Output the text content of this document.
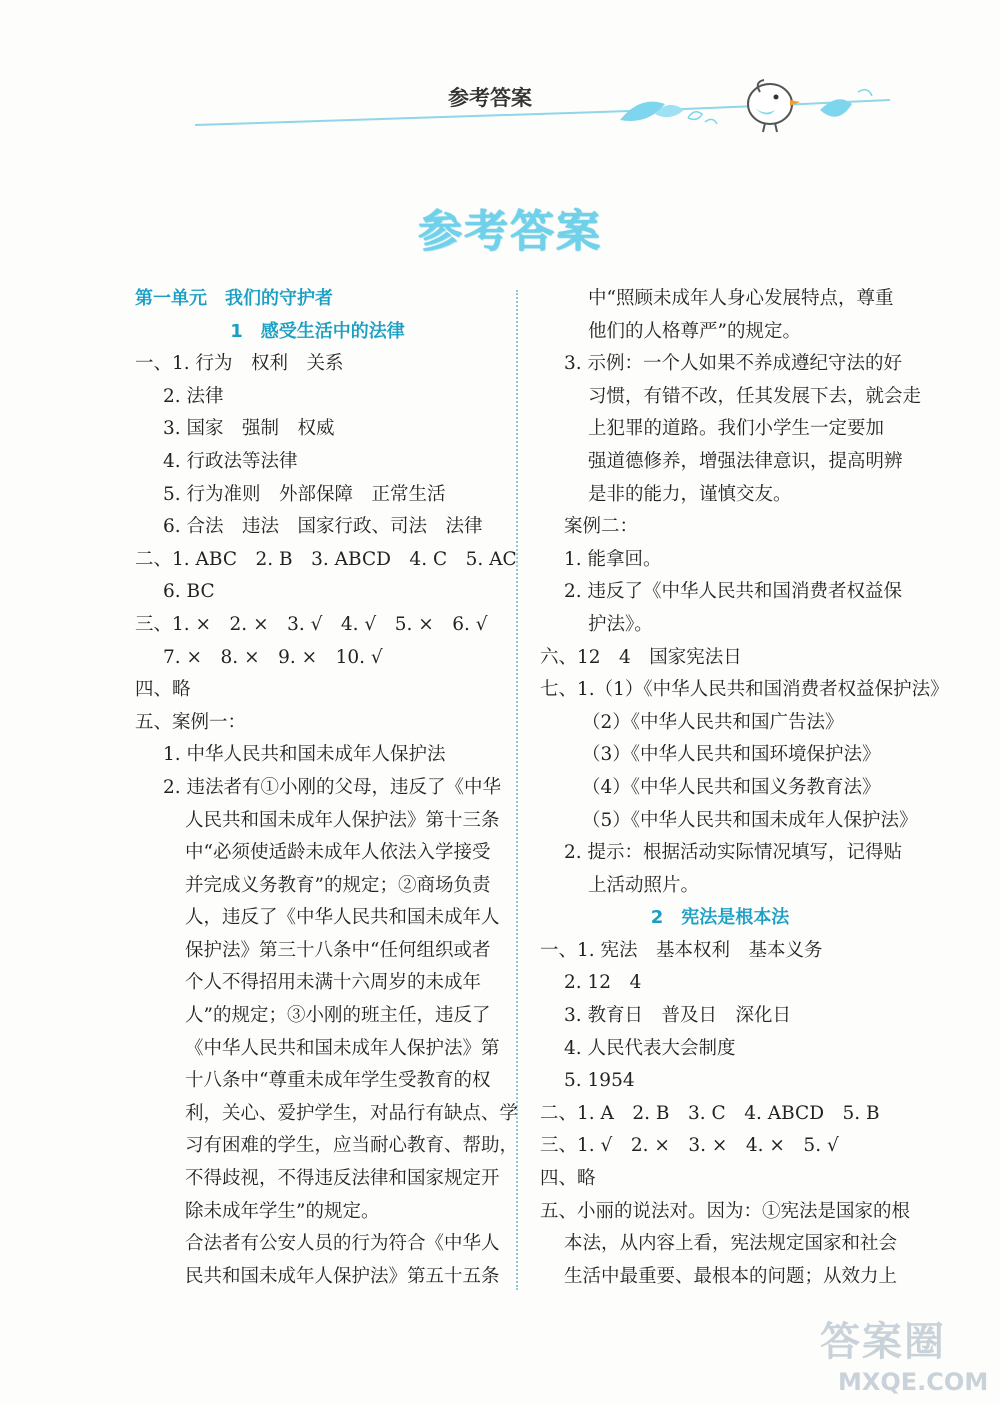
参考答案
参考答案
第一单元　我们的守护者
1　感受生活中的法律
一、1. 行为　权利　关系
2. 法律
3. 国家　强制　权威
4. 行政法等法律
5. 行为准则　外部保障　正常生活
6. 合法　违法　国家行政、司法　法律
二、1. ABC　2. B　3. ABCD　4. C　5. AC
6. BC
三、1. ×　2. ×　3. √　4. √　5. ×　6. √
7. ×　8. ×　9. ×　10. √
四、略
五、案例一：
1. 中华人民共和国未成年人保护法
2. 违法者有①小刚的父母，违反了《中华
人民共和国未成年人保护法》第十三条
中“必须使适龄未成年人依法入学接受
并完成义务教育”的规定；②商场负责
人，违反了《中华人民共和国未成年人
保护法》第三十八条中“任何组织或者
个人不得招用未满十六周岁的未成年
人”的规定；③小刚的班主任，违反了
《中华人民共和国未成年人保护法》第
十八条中“尊重未成年学生受教育的权
利，关心、爱护学生，对品行有缺点、学
习有困难的学生，应当耐心教育、帮助，
不得歧视，不得违反法律和国家规定开
除未成年学生”的规定。
合法者有公安人员的行为符合《中华人
民共和国未成年人保护法》第五十五条
中“照顾未成年人身心发展特点，尊重
他们的人格尊严”的规定。
3. 示例：一个人如果不养成遵纪守法的好
习惯，有错不改，任其发展下去，就会走
上犯罪的道路。我们小学生一定要加
强道德修养，增强法律意识，提高明辨
是非的能力，谨慎交友。
案例二：
1. 能拿回。
2. 违反了《中华人民共和国消费者权益保
护法》。
六、12　4　国家宪法日
七、1.（1）《中华人民共和国消费者权益保护法》
（2）《中华人民共和国广告法》
（3）《中华人民共和国环境保护法》
（4）《中华人民共和国义务教育法》
（5）《中华人民共和国未成年人保护法》
2. 提示：根据活动实际情况填写，记得贴
上活动照片。
2　宪法是根本法
一、1. 宪法　基本权利　基本义务
2. 12　4
3. 教育日　普及日　深化日
4. 人民代表大会制度
5. 1954
二、1. A　2. B　3. C　4. ABCD　5. B
三、1. √　2. ×　3. ×　4. ×　5. √
四、略
五、小丽的说法对。因为：①宪法是国家的根
本法，从内容上看，宪法规定国家和社会
生活中最重要、最根本的问题；从效力上
答案圈
MXQE.COM
